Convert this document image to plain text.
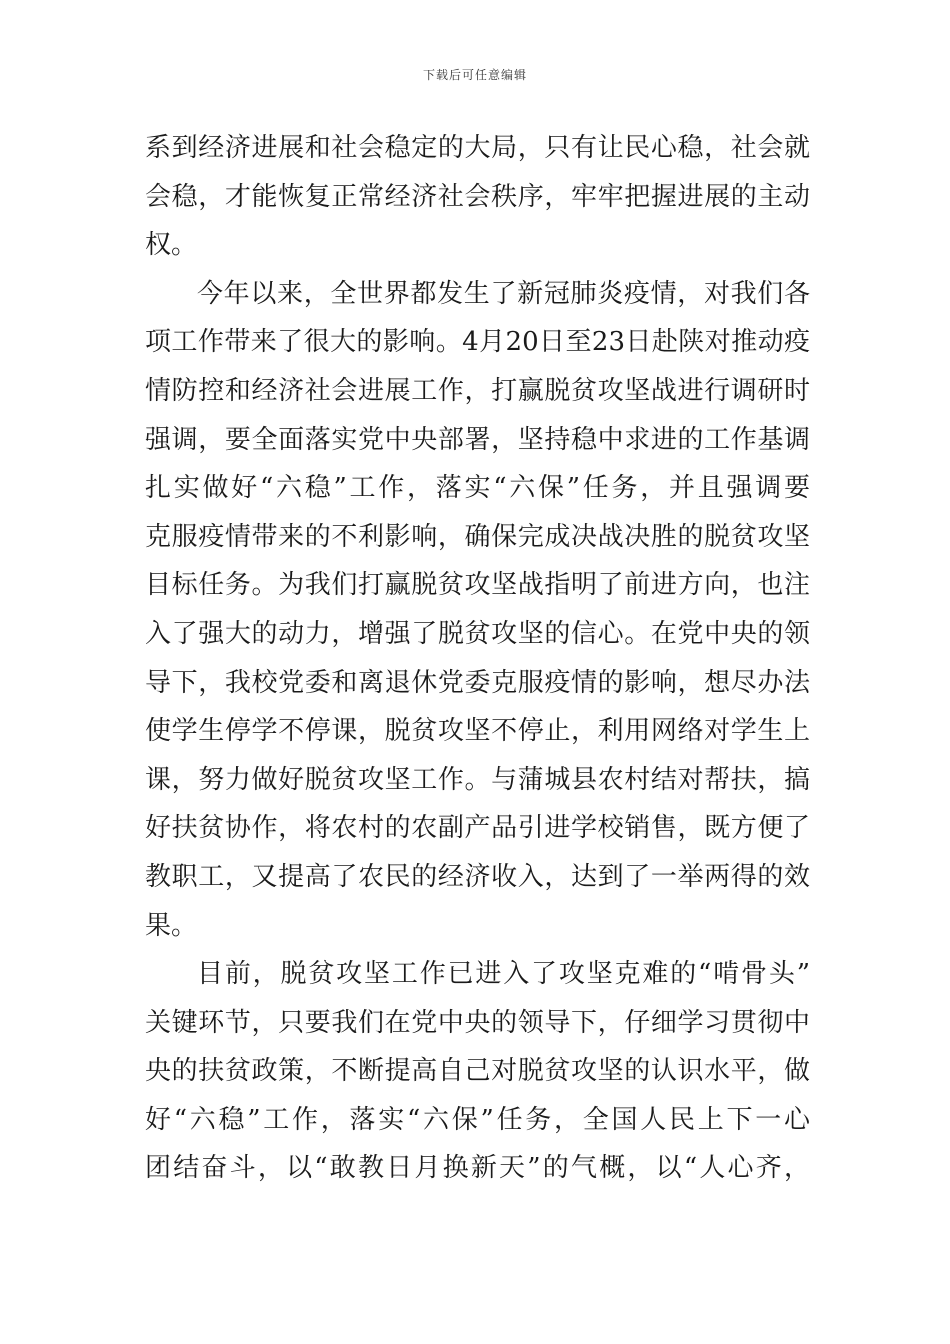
下载后可任意编辑
系到经济进展和社会稳定的大局，只有让民心稳，社会就
会稳，才能恢复正常经济社会秩序，牢牢把握进展的主动
权。
今年以来，全世界都发生了新冠肺炎疫情，对我们各
项工作带来了很大的影响。4月20日至23日赴陕对推动疫
情防控和经济社会进展工作，打赢脱贫攻坚战进行调研时
强调，要全面落实党中央部署，坚持稳中求进的工作基调
扎实做好“六稳”工作，落实“六保”任务，并且强调要
克服疫情带来的不利影响，确保完成决战决胜的脱贫攻坚
目标任务。为我们打赢脱贫攻坚战指明了前进方向，也注
入了强大的动力，增强了脱贫攻坚的信心。在党中央的领
导下，我校党委和离退休党委克服疫情的影响，想尽办法
使学生停学不停课，脱贫攻坚不停止，利用网络对学生上
课，努力做好脱贫攻坚工作。与蒲城县农村结对帮扶，搞
好扶贫协作，将农村的农副产品引进学校销售，既方便了
教职工，又提高了农民的经济收入，达到了一举两得的效
果。
目前，脱贫攻坚工作已进入了攻坚克难的“啃骨头”
关键环节，只要我们在党中央的领导下，仔细学习贯彻中
央的扶贫政策，不断提高自己对脱贫攻坚的认识水平，做
好“六稳”工作，落实“六保”任务，全国人民上下一心
团结奋斗，以“敢教日月换新天”的气概，以“人心齐，
